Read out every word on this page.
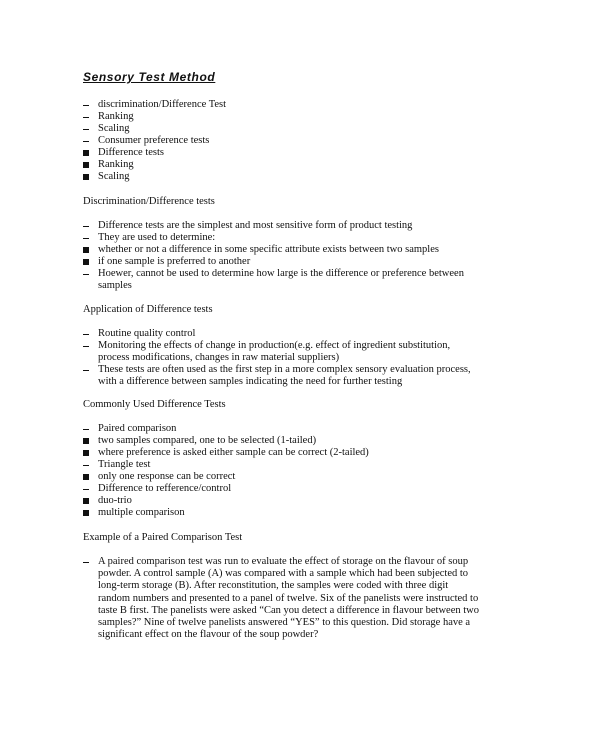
Sensory Test Method
discrimination/Difference Test
Ranking
Scaling
Consumer preference tests
Difference tests
Ranking
Scaling
Discrimination/Difference tests
Difference tests are the simplest and most sensitive form of product testing
They are used to determine:
whether or not a difference in some specific attribute exists between two samples
if one sample is preferred to another
Hoewer, cannot be used to determine how large is the difference or preference between
samples
Application of Difference tests
Routine quality control
Monitoring the effects of change in production(e.g. effect of ingredient substitution,
process modifications, changes in raw material suppliers)
These tests are often used as the first step in a more complex sensory evaluation process,
with a difference between samples indicating the need for further testing
Commonly Used Difference Tests
Paired comparison
two samples compared, one to be selected (1-tailed)
where preference is asked either sample can be correct (2-tailed)
Triangle test
only one response can be correct
Difference to refference/control
duo-trio
multiple comparison
Example of a Paired Comparison Test
A paired comparison test was run to evaluate the effect of storage on the flavour of soup
powder. A control sample (A) was compared with a sample which had been subjected to
long-term storage (B). After reconstitution, the samples were coded with three digit
random numbers and presented to a panel of twelve. Six of the panelists were instructed to
taste B first. The panelists were asked “Can you detect a difference in flavour between two
samples?” Nine of twelve panelists answered “YES” to this question. Did storage have a
significant effect on the flavour of the soup powder?
